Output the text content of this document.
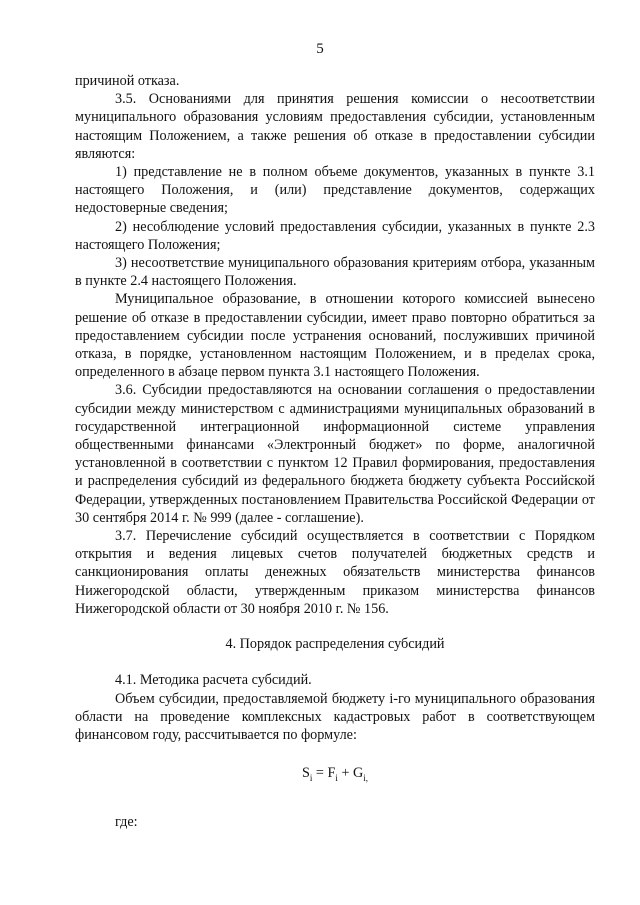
5

причиной отказа.

3.5. Основаниями для принятия решения комиссии о несоответствии муниципального образования условиям предоставления субсидии, установленным настоящим Положением, а также решения об отказе в предоставлении субсидии являются:

1) представление не в полном объеме документов, указанных в пункте 3.1 настоящего Положения, и (или) представление документов, содержащих недостоверные сведения;

2) несоблюдение условий предоставления субсидии, указанных в пункте 2.3 настоящего Положения;

3) несоответствие муниципального образования критериям отбора, указанным в пункте 2.4 настоящего Положения.

Муниципальное образование, в отношении которого комиссией вынесено решение об отказе в предоставлении субсидии, имеет право повторно обратиться за предоставлением субсидии после устранения оснований, послуживших причиной отказа, в порядке, установленном настоящим Положением, и в пределах срока, определенного в абзаце первом пункта 3.1 настоящего Положения.

3.6. Субсидии предоставляются на основании соглашения о предоставлении субсидии между министерством с администрациями муниципальных образований в государственной интеграционной информационной системе управления общественными финансами «Электронный бюджет» по форме, аналогичной установленной в соответствии с пунктом 12 Правил формирования, предоставления и распределения субсидий из федерального бюджета бюджету субъекта Российской Федерации, утвержденных постановлением Правительства Российской Федерации от 30 сентября 2014 г. № 999 (далее - соглашение).

3.7. Перечисление субсидий осуществляется в соответствии с Порядком открытия и ведения лицевых счетов получателей бюджетных средств и санкционирования оплаты денежных обязательств министерства финансов Нижегородской области, утвержденным приказом министерства финансов Нижегородской области от 30 ноября 2010 г. № 156.

4. Порядок распределения субсидий

4.1. Методика расчета субсидий.

Объем субсидии, предоставляемой бюджету i-го муниципального образования области на проведение комплексных кадастровых работ в соответствующем финансовом году, рассчитывается по формуле:

$S_i = F_i + G_{i,}$

где:
